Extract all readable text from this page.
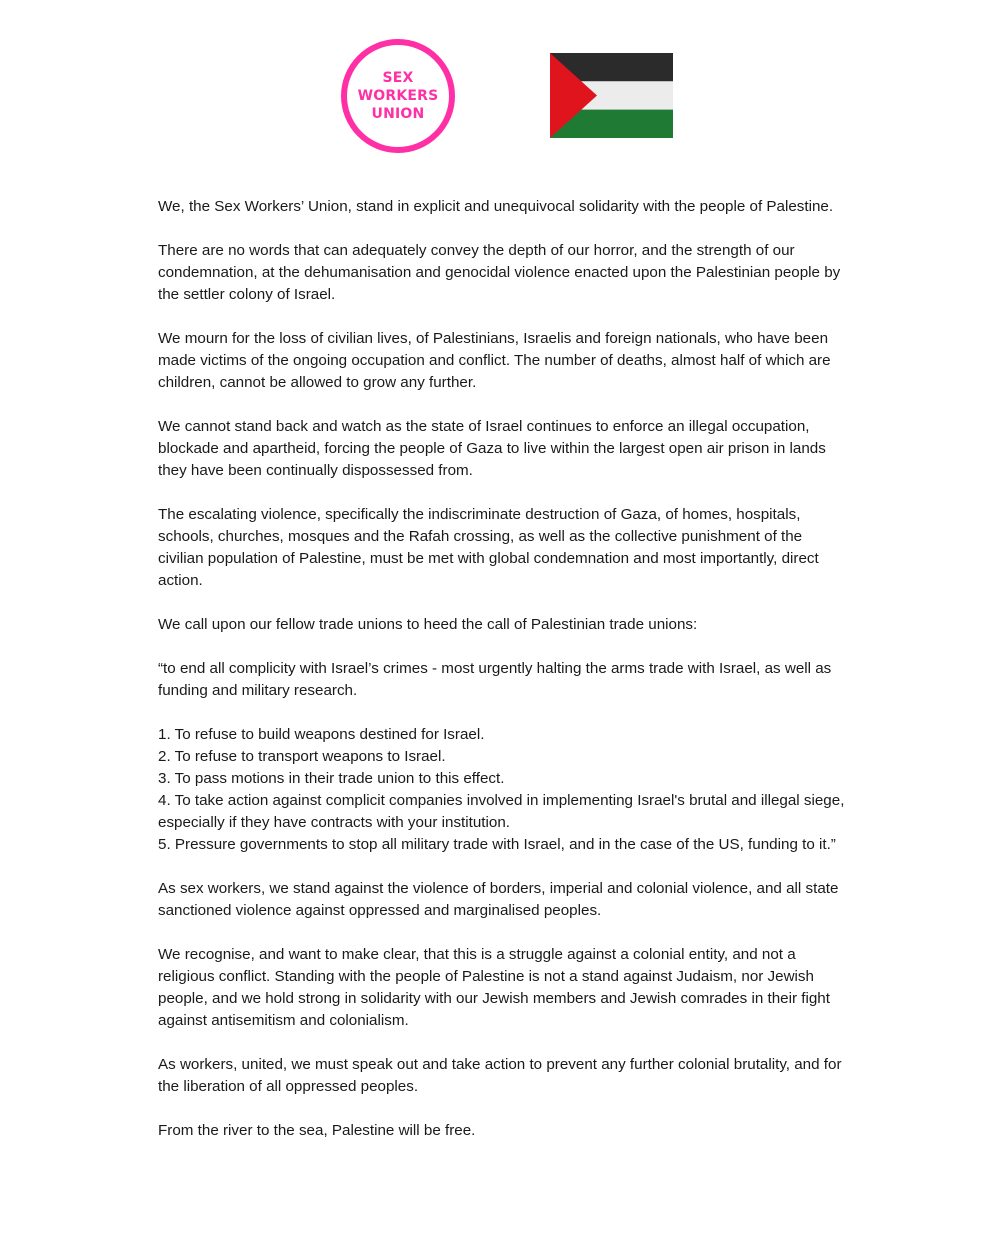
SEX
WORKERS
UNION

We, the Sex Workers’ Union, stand in explicit and unequivocal solidarity with the people of Palestine.

There are no words that can adequately convey the depth of our horror, and the strength of our condemnation, at the dehumanisation and genocidal violence enacted upon the Palestinian people by the settler colony of Israel.

We mourn for the loss of civilian lives, of Palestinians, Israelis and foreign nationals, who have been made victims of the ongoing occupation and conflict. The number of deaths, almost half of which are children, cannot be allowed to grow any further.

We cannot stand back and watch as the state of Israel continues to enforce an illegal occupation, blockade and apartheid, forcing the people of Gaza to live within the largest open air prison in lands they have been continually dispossessed from.

The escalating violence, specifically the indiscriminate destruction of Gaza, of homes, hospitals, schools, churches, mosques and the Rafah crossing, as well as the collective punishment of the civilian population of Palestine, must be met with global condemnation and most importantly, direct action.

We call upon our fellow trade unions to heed the call of Palestinian trade unions:

“to end all complicity with Israel’s crimes - most urgently halting the arms trade with Israel, as well as funding and military research.

1. To refuse to build weapons destined for Israel.
2. To refuse to transport weapons to Israel.
3. To pass motions in their trade union to this effect.
4. To take action against complicit companies involved in implementing Israel's brutal and illegal siege, especially if they have contracts with your institution.
5. Pressure governments to stop all military trade with Israel, and in the case of the US, funding to it.”

As sex workers, we stand against the violence of borders, imperial and colonial violence, and all state sanctioned violence against oppressed and marginalised peoples.

We recognise, and want to make clear, that this is a struggle against a colonial entity, and not a religious conflict. Standing with the people of Palestine is not a stand against Judaism, nor Jewish people, and we hold strong in solidarity with our Jewish members and Jewish comrades in their fight against antisemitism and colonialism.

As workers, united, we must speak out and take action to prevent any further colonial brutality, and for the liberation of all oppressed peoples.

From the river to the sea, Palestine will be free.
